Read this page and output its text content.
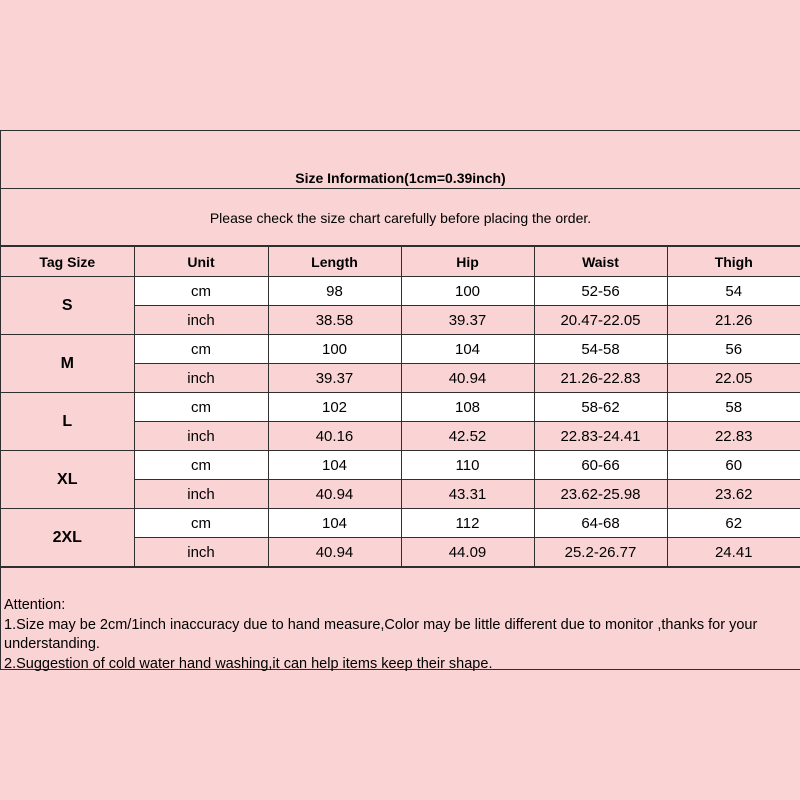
Size Information(1cm=0.39inch)
Please check the size chart carefully before placing the order.
Tag Size	Unit	Length	Hip	Waist	Thigh
S	cm	98	100	52-56	54
	inch	38.58	39.37	20.47-22.05	21.26
M	cm	100	104	54-58	56
	inch	39.37	40.94	21.26-22.83	22.05
L	cm	102	108	58-62	58
	inch	40.16	42.52	22.83-24.41	22.83
XL	cm	104	110	60-66	60
	inch	40.94	43.31	23.62-25.98	23.62
2XL	cm	104	112	64-68	62
	inch	40.94	44.09	25.2-26.77	24.41
Attention:
1.Size may be 2cm/1inch inaccuracy due to hand measure,Color may be little different due to monitor ,thanks for your understanding.
2.Suggestion of cold water hand washing,it can help items keep their shape.
